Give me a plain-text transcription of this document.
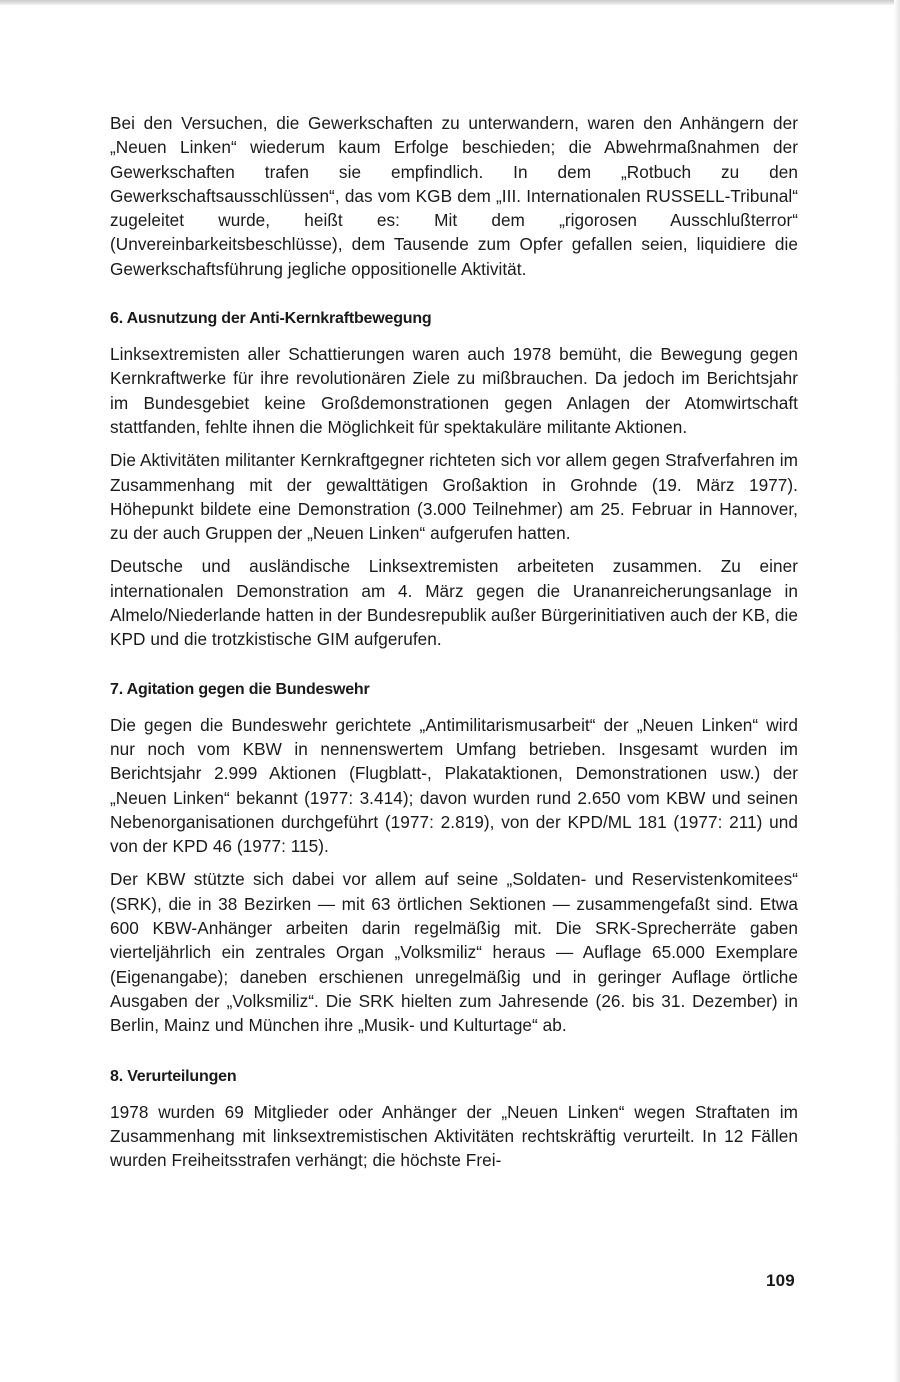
Bei den Versuchen, die Gewerkschaften zu unterwandern, waren den Anhängern der „Neuen Linken“ wiederum kaum Erfolge beschieden; die Abwehrmaßnahmen der Gewerkschaften trafen sie empfindlich. In dem „Rotbuch zu den Gewerkschaftsausschlüssen“, das vom KGB dem „III. Internationalen RUSSELL-Tribunal“ zugeleitet wurde, heißt es: Mit dem „rigorosen Ausschlußterror“ (Unvereinbarkeitsbeschlüsse), dem Tausende zum Opfer gefallen seien, liquidiere die Gewerkschaftsführung jegliche oppositionelle Aktivität.

6. Ausnutzung der Anti-Kernkraftbewegung

Linksextremisten aller Schattierungen waren auch 1978 bemüht, die Bewegung gegen Kernkraftwerke für ihre revolutionären Ziele zu mißbrauchen. Da jedoch im Berichtsjahr im Bundesgebiet keine Großdemonstrationen gegen Anlagen der Atomwirtschaft stattfanden, fehlte ihnen die Möglichkeit für spektakuläre militante Aktionen.

Die Aktivitäten militanter Kernkraftgegner richteten sich vor allem gegen Strafverfahren im Zusammenhang mit der gewalttätigen Großaktion in Grohnde (19. März 1977). Höhepunkt bildete eine Demonstration (3.000 Teilnehmer) am 25. Februar in Hannover, zu der auch Gruppen der „Neuen Linken“ aufgerufen hatten.

Deutsche und ausländische Linksextremisten arbeiteten zusammen. Zu einer internationalen Demonstration am 4. März gegen die Urananreicherungsanlage in Almelo/Niederlande hatten in der Bundesrepublik außer Bürgerinitiativen auch der KB, die KPD und die trotzkistische GIM aufgerufen.

7. Agitation gegen die Bundeswehr

Die gegen die Bundeswehr gerichtete „Antimilitarismusarbeit“ der „Neuen Linken“ wird nur noch vom KBW in nennenswertem Umfang betrieben. Insgesamt wurden im Berichtsjahr 2.999 Aktionen (Flugblatt-, Plakataktionen, Demonstrationen usw.) der „Neuen Linken“ bekannt (1977: 3.414); davon wurden rund 2.650 vom KBW und seinen Nebenorganisationen durchgeführt (1977: 2.819), von der KPD/ML 181 (1977: 211) und von der KPD 46 (1977: 115).

Der KBW stützte sich dabei vor allem auf seine „Soldaten- und Reservistenkomitees“ (SRK), die in 38 Bezirken — mit 63 örtlichen Sektionen — zusammengefaßt sind. Etwa 600 KBW-Anhänger arbeiten darin regelmäßig mit. Die SRK-Sprecherräte gaben vierteljährlich ein zentrales Organ „Volksmiliz“ heraus — Auflage 65.000 Exemplare (Eigenangabe); daneben erschienen unregelmäßig und in geringer Auflage örtliche Ausgaben der „Volksmiliz“. Die SRK hielten zum Jahresende (26. bis 31. Dezember) in Berlin, Mainz und München ihre „Musik- und Kulturtage“ ab.

8. Verurteilungen

1978 wurden 69 Mitglieder oder Anhänger der „Neuen Linken“ wegen Straftaten im Zusammenhang mit linksextremistischen Aktivitäten rechtskräftig verurteilt. In 12 Fällen wurden Freiheitsstrafen verhängt; die höchste Frei-

109
